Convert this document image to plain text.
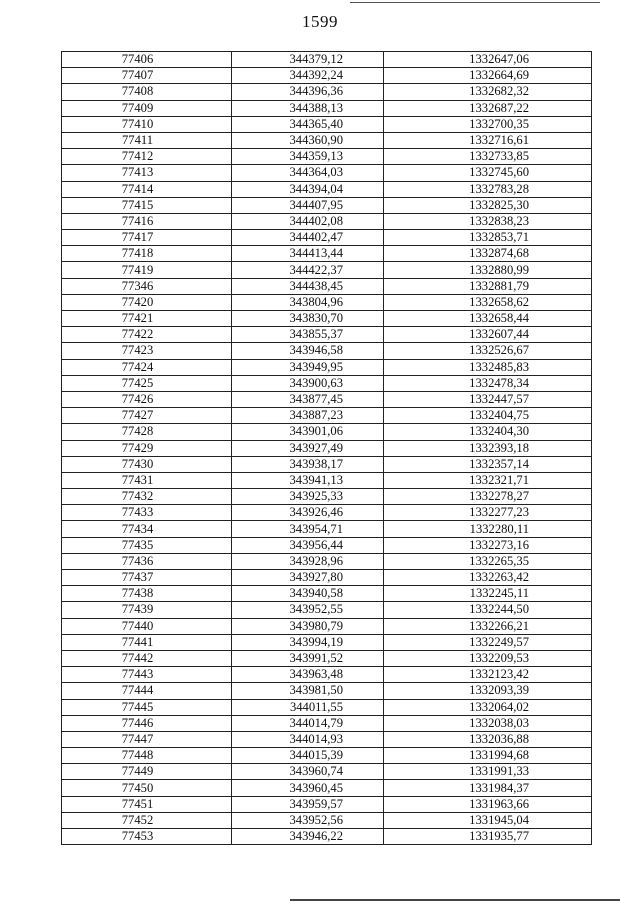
1599
77406	344379,12	1332647,06
77407	344392,24	1332664,69
77408	344396,36	1332682,32
77409	344388,13	1332687,22
77410	344365,40	1332700,35
77411	344360,90	1332716,61
77412	344359,13	1332733,85
77413	344364,03	1332745,60
77414	344394,04	1332783,28
77415	344407,95	1332825,30
77416	344402,08	1332838,23
77417	344402,47	1332853,71
77418	344413,44	1332874,68
77419	344422,37	1332880,99
77346	344438,45	1332881,79
77420	343804,96	1332658,62
77421	343830,70	1332658,44
77422	343855,37	1332607,44
77423	343946,58	1332526,67
77424	343949,95	1332485,83
77425	343900,63	1332478,34
77426	343877,45	1332447,57
77427	343887,23	1332404,75
77428	343901,06	1332404,30
77429	343927,49	1332393,18
77430	343938,17	1332357,14
77431	343941,13	1332321,71
77432	343925,33	1332278,27
77433	343926,46	1332277,23
77434	343954,71	1332280,11
77435	343956,44	1332273,16
77436	343928,96	1332265,35
77437	343927,80	1332263,42
77438	343940,58	1332245,11
77439	343952,55	1332244,50
77440	343980,79	1332266,21
77441	343994,19	1332249,57
77442	343991,52	1332209,53
77443	343963,48	1332123,42
77444	343981,50	1332093,39
77445	344011,55	1332064,02
77446	344014,79	1332038,03
77447	344014,93	1332036,88
77448	344015,39	1331994,68
77449	343960,74	1331991,33
77450	343960,45	1331984,37
77451	343959,57	1331963,66
77452	343952,56	1331945,04
77453	343946,22	1331935,77
